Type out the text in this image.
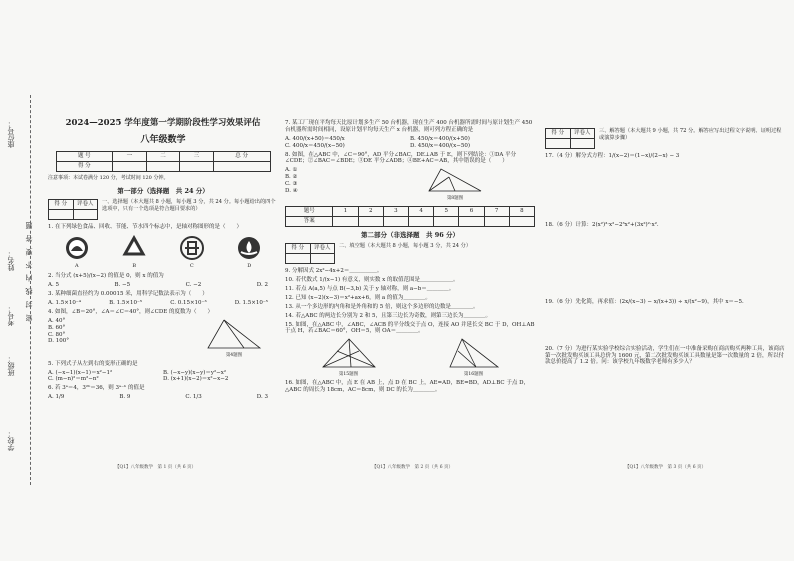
学校：
班级：
姓名：
考号：
座位号：
密 封 线 内 不 要 答 题
2024—2025 学年度第一学期阶段性学习效果评估
八年级数学
题 号	一	二	三	总 分
得 分				
注意事项：本试卷满分 120 分，考试时间 120 分钟。
第一部分（选择题　共 24 分）
得 分	评卷人
	一、选择题（本大题共 8 小题，每小题 3 分，共 24 分。每小题给出的四个选项中，只有一个选项是符合题目要求的）
1. 在下列绿色食品、回收、节能、节水四个标志中，是轴对称图形的是（　　）
A	B	C	D
2. 当分式 (x+5)/(x−2) 的值是 0，则 x 的值为
A. 5	B. −5	C. −2	D. 2
3. 某种细菌直径约为 0.00015 米，用科学记数法表示为（　　）
A. 1.5×10⁻⁴	B. 1.5×10⁻⁵	C. 0.15×10⁻³	D. 1.5×10⁻⁵
4. 如图，∠B＝20°，∠A＝∠C＝40°，则∠CDE 的度数为（　　）
A. 40°
B. 60°
C. 80°
D. 100°
第4题图
5. 下列式子从左到右的变形正确的是
A. (−x−1)(x−1)＝x²−1²	B. (−x−y)(x−y)＝y²−x²
C. (m−n)²＝m²−n²	D. (x+1)(x−2)＝x²−x−2
6. 若 3ᵃ＝4，3²ᵇ＝36，则 3ᵃ⁻ᵇ 的值是
A. 1/9	B. 9	C. 1/3	D. 3
【Q1】八年级数学　第 1 页（共 6 页）
7. 某工厂现在平均每天比原计划多生产 50 台机器，现在生产 400 台机器所需时间与原计划生产 450 台机器所需时间相同，设原计划平均每天生产 x 台机器，则可列方程正确的是
A. 400/(x+50)＝450/x	B. 450/x＝400/(x+50)
C. 400/x＝450/(x−50)	D. 450/x＝400/(x−50)
8. 如图，在△ABC 中，∠C＝90°，AD 平分∠BAC，DE⊥AB 于 E，则下列结论：①DA 平分∠CDE；②∠BAC＝∠BDE；③DE 平分∠ADB；④BE+AC＝AB，其中错误的是（　　）
A. ①
B. ②
C. ③
D. ④
第8题图
题号	1	2	3	4	5	6	7	8
答案								
第二部分（非选择题　共 96 分）
得 分	评卷人
	二、填空题（本大题共 8 小题，每小题 3 分，共 24 分）
9. 分解因式 2x²−4x+2＝＿＿＿＿＿。
10. 若代数式 1/(x−1) 有意义，则实数 x 的取值范围是＿＿＿＿＿＿。
11. 若点 A(a,5) 与点 B(−3,b) 关于 y 轴对称，则 a−b＝＿＿＿＿。
12. 已知 (x−2)(x−3)＝x²+ax+6，则 a 的值为＿＿＿＿。
13. 从一个多边形的内角和是外角和的 5 倍，则这个多边形的边数是＿＿＿＿。
14. 若△ABC 的两边长分别为 2 和 5，且第三边长为奇数，则第三边长为＿＿＿＿。
15. 如图，在△ABC 中，∠ABC，∠ACB 的平分线交于点 O，连接 AO 并延长交 BC 于 D，OH⊥AB 于点 H，若∠BAC＝60°，OH＝5，则 OA＝＿＿＿＿。
第15题图	第16题图
16. 如图，在△ABC 中，点 E 在 AB 上，点 D 在 BC 上，AE=AD，BE=BD，AD⊥BC 于点 D，△ABC 的周长为 18cm，AC＝8cm，则 DC 的长为＿＿＿＿。
【Q1】八年级数学　第 2 页（共 6 页）
得 分	评卷人
	三、解答题（本大题共 9 小题，共 72 分。解答应写出过程文字说明、证明过程或演算步骤）
17.（4 分）解分式方程：1/(x−2)＝(1−x)/(2−x) − 3
18.（6 分）计算：2(x²)³·x²−2³x²+(3x²)²·x².
19.（6 分）先化简，再求值：(2x/(x−3) − x/(x+3)) ÷ x/(x²−9)，其中 x＝−5.
20.（7 分）为进行某实验学校综合实验活动，学生们在一中准备采购在商店购买两种工具，该商店第一次批发购买该工具总价为 1600 元，第二次批发购买该工具数量是第一次数量的 2 倍，所以付款总价提高了 1.2 倍。问：该学校九年级数学老师有多少人？
【Q1】八年级数学　第 3 页（共 6 页）
